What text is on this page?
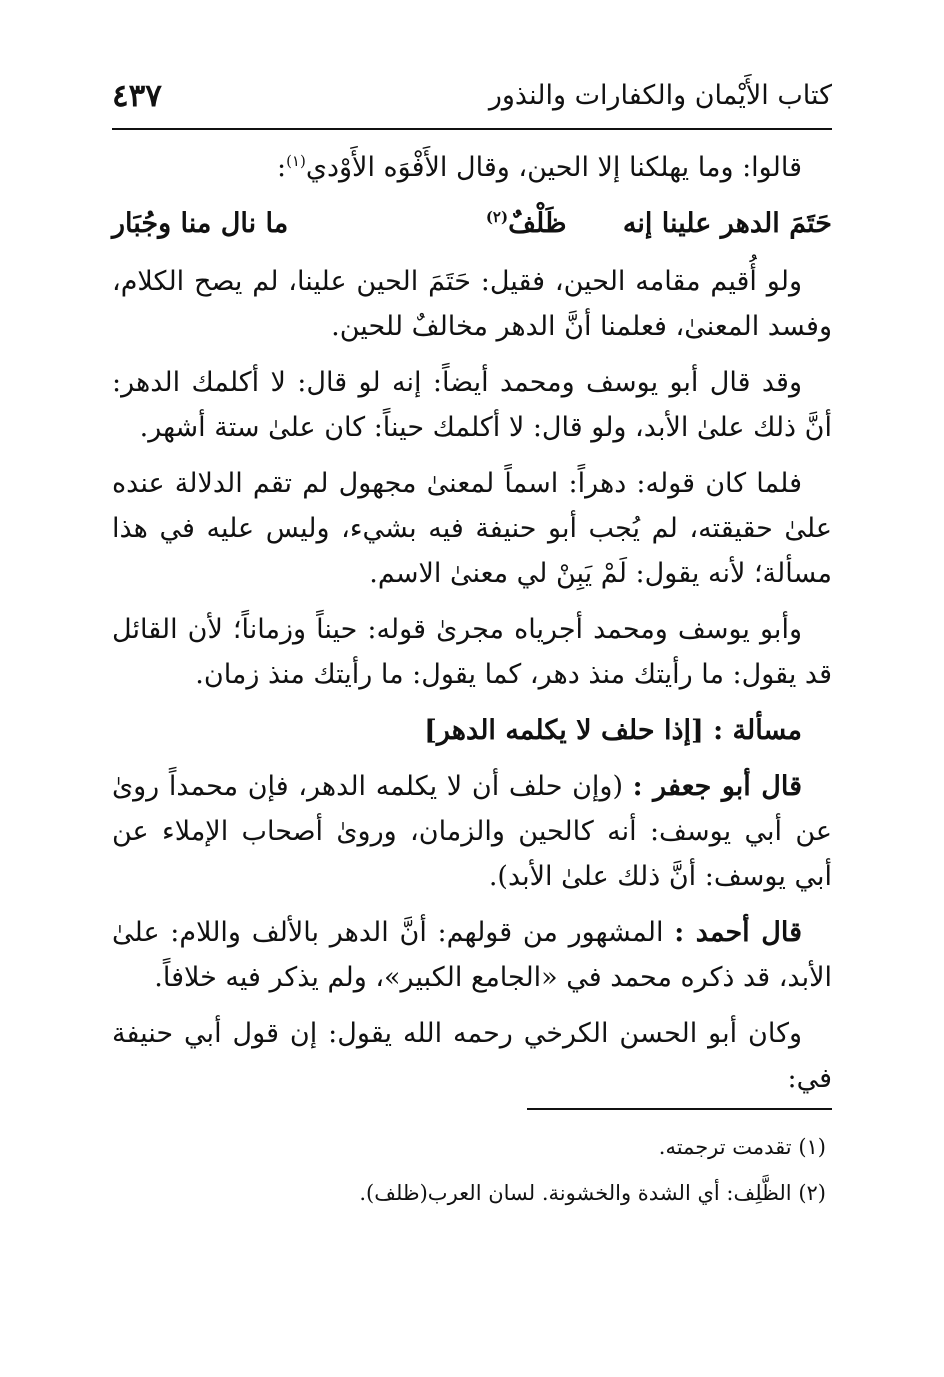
كتاب الأَيْمان والكفارات والنذور
٤٣٧

قالوا: وما يهلكنا إلا الحين، وقال الأَفْوَه الأَوْدي$^{(١)}$:

حَتَمَ الدهر علينا إنه      ظَلْفٌ$^{(٢)}$
ما نال منا وجُبَار

ولو أُقيم مقامه الحين، فقيل: حَتَمَ الحين علينا، لم يصح الكلام، وفسد المعنىٰ، فعلمنا أنَّ الدهر مخالفٌ للحين.

وقد قال أبو يوسف ومحمد أيضاً: إنه لو قال: لا أكلمك الدهر: أنَّ ذلك علىٰ الأبد، ولو قال: لا أكلمك حيناً: كان علىٰ ستة أشهر.

فلما كان قوله: دهراً: اسماً لمعنىٰ مجهول لم تقم الدلالة عنده علىٰ حقيقته، لم يُجب أبو حنيفة فيه بشيء، وليس عليه في هذا مسألة؛ لأنه يقول: لَمْ يَبِنْ لي معنىٰ الاسم.

وأبو يوسف ومحمد أجرياه مجرىٰ قوله: حيناً وزماناً؛ لأن القائل قد يقول: ما رأيتك منذ دهر، كما يقول: ما رأيتك منذ زمان.

مسألة : [إذا حلف لا يكلمه الدهر]

قال أبو جعفر : (وإن حلف أن لا يكلمه الدهر، فإن محمداً روىٰ عن أبي يوسف: أنه كالحين والزمان، وروىٰ أصحاب الإملاء عن أبي يوسف: أنَّ ذلك علىٰ الأبد).

قال أحمد : المشهور من قولهم: أنَّ الدهر بالألف واللام: علىٰ الأبد، قد ذكره محمد في «الجامع الكبير»، ولم يذكر فيه خلافاً.

وكان أبو الحسن الكرخي رحمه الله يقول: إن قول أبي حنيفة في:

(١) تقدمت ترجمته.

(٢) الظَّلِف: أي الشدة والخشونة. لسان العرب(ظلف).
